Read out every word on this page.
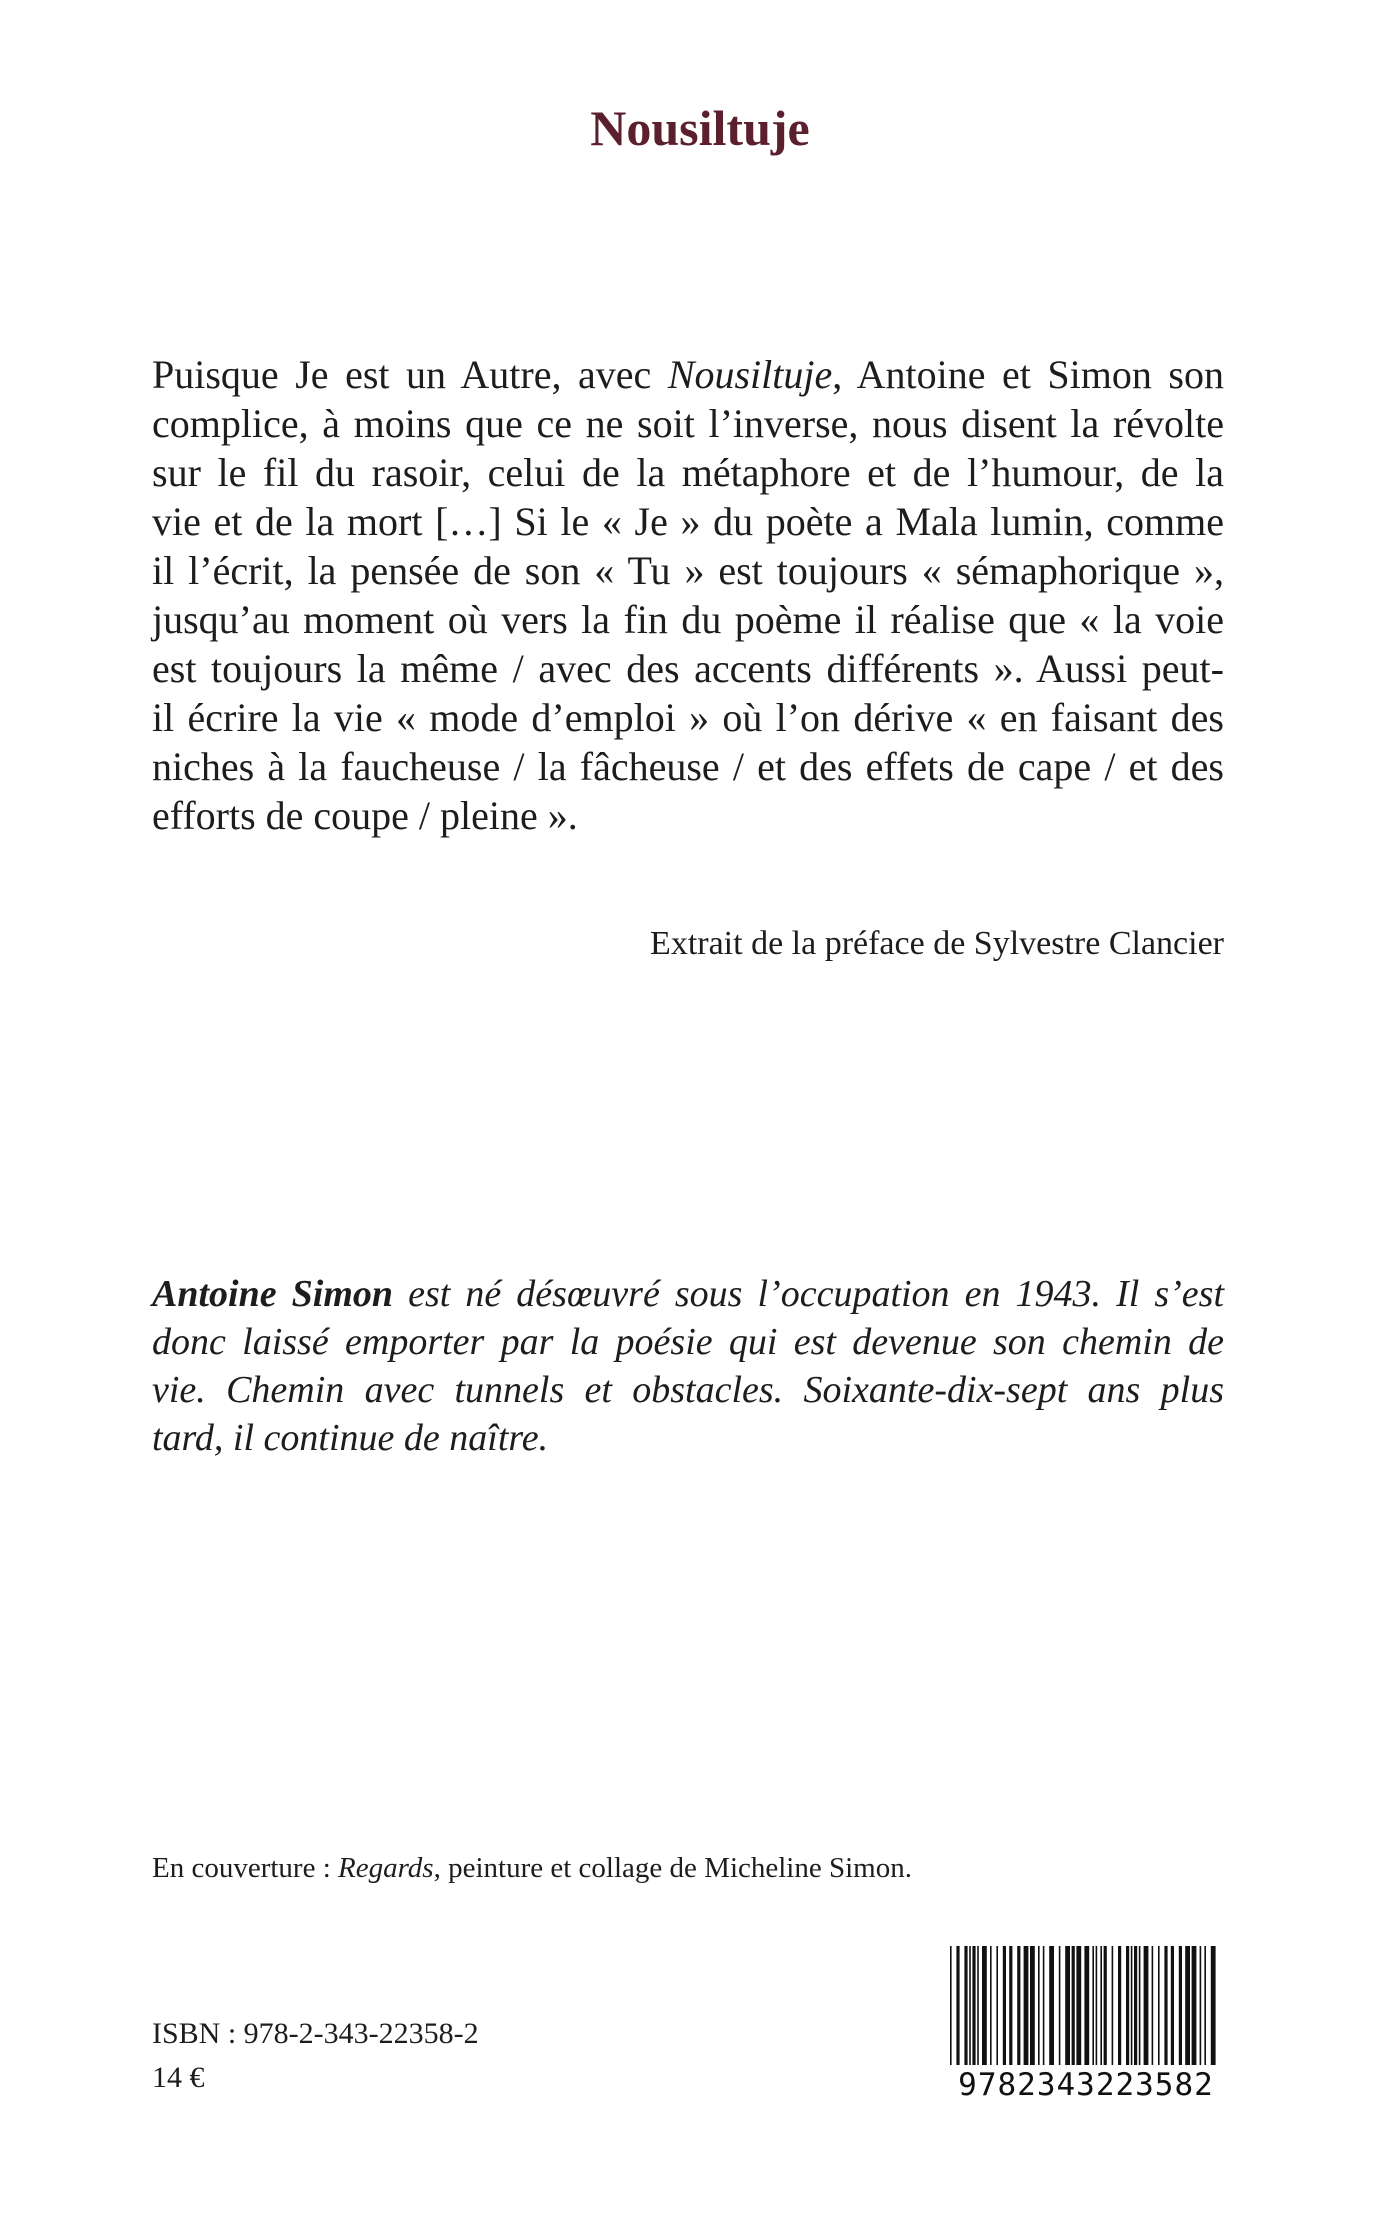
Nousiltuje
Puisque Je est un Autre, avec Nousiltuje, Antoine et Simon son
complice, à moins que ce ne soit l’inverse, nous disent la révolte
sur le fil du rasoir, celui de la métaphore et de l’humour, de la
vie et de la mort […] Si le « Je » du poète a Mala lumin, comme
il l’écrit, la pensée de son « Tu » est toujours « sémaphorique »,
jusqu’au moment où vers la fin du poème il réalise que « la voie
est toujours la même / avec des accents différents ». Aussi peut-
il écrire la vie « mode d’emploi » où l’on dérive « en faisant des
niches à la faucheuse / la fâcheuse / et des effets de cape / et des
efforts de coupe / pleine ».

Extrait de la préface de Sylvestre Clancier

Antoine Simon est né désœuvré sous l’occupation en 1943. Il s’est
donc laissé emporter par la poésie qui est devenue son chemin de
vie. Chemin avec tunnels et obstacles. Soixante-dix-sept ans plus
tard, il continue de naître.

En couverture : Regards, peinture et collage de Micheline Simon.

ISBN : 978-2-343-22358-2
14 €	9782343223582
